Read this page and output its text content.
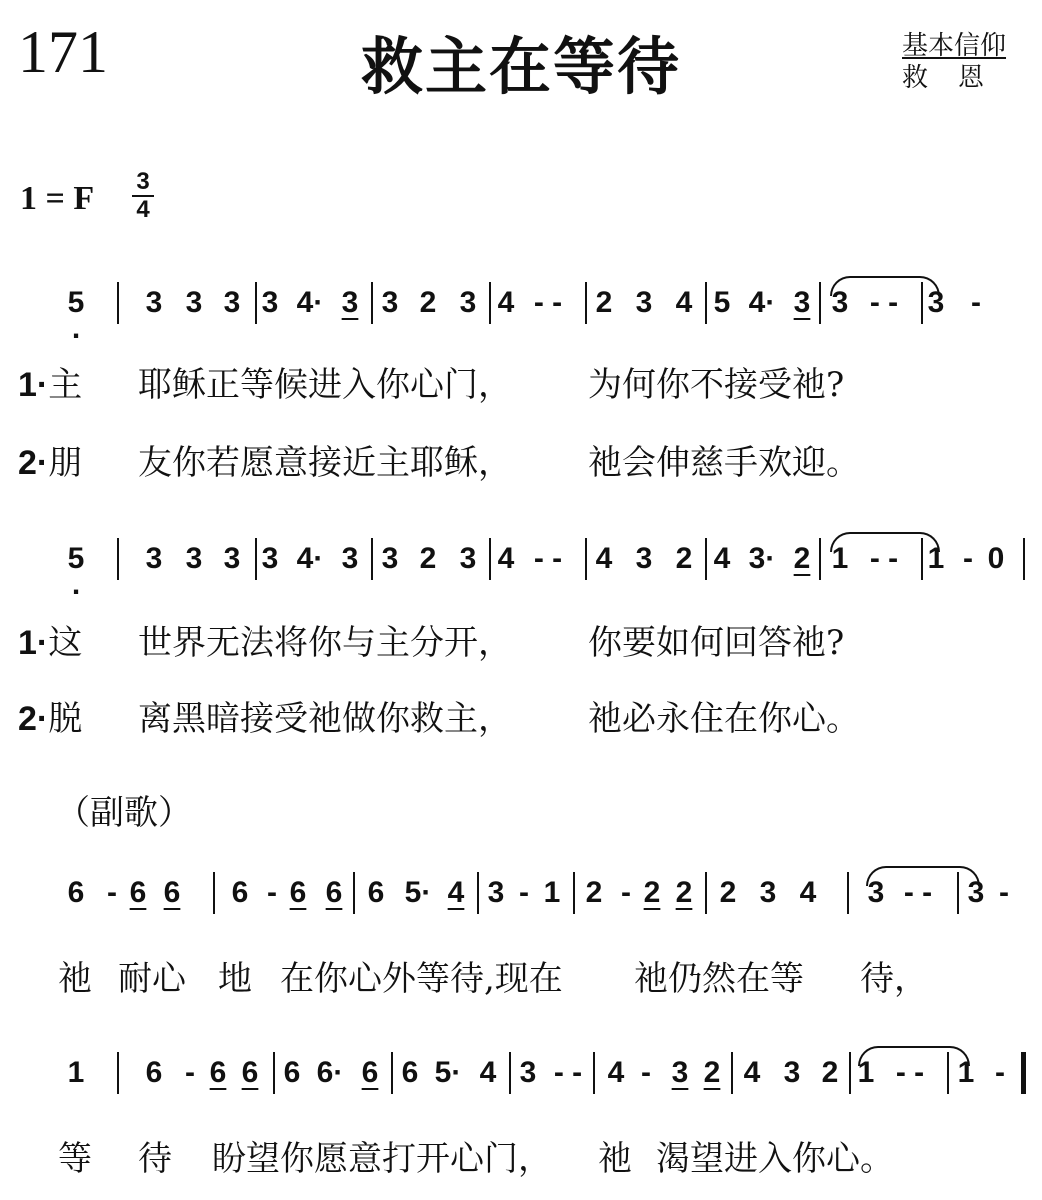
171	救主在等待	基本信仰
救恩
1 = F 3
4
5 . 3 3 3 3 4· 3 3 2 3 4 - - 2 3 4 5 4· 3 3 - - 3 -
5 . 3 3 3 3 4· 3 3 2 3 4 - - 4 3 2 4 3· 2 1 - - 1 - 0
6 - 6 6 6 - 6 6 6 5· 4 3 - 1 2 - 2 2 2 3 4 3 - - 3 -
1 6 - 6 6 6 6· 6 6 5· 4 3 - - 4 - 3 2 4 3 2 1 - - 1 -
1·主 耶稣正等候进入你心门， 为何你不接受祂?
2·朋 友你若愿意接近主耶稣， 祂会伸慈手欢迎。
1·这 世界无法将你与主分开， 你要如何回答祂?
2·脱 离黑暗接受祂做你救主， 祂必永住在你心。
（副歌）
祂 耐心 地 在你心外等待,现在 祂仍然在等 待，
等 待 盼望你愿意打开心门， 祂 渴望进入你心。
